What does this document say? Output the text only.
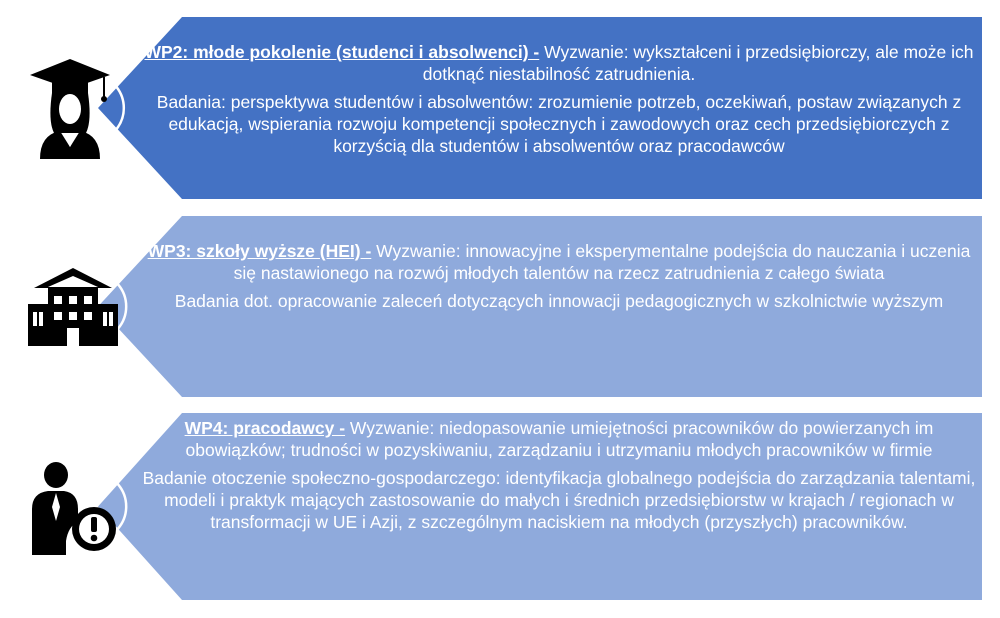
WP2: młode pokolenie (studenci i absolwenci) - Wyzwanie: wykształceni i przedsiębiorczy, ale może ich dotknąć niestabilność zatrudnienia.

Badania: perspektywa studentów i absolwentów: zrozumienie potrzeb, oczekiwań, postaw związanych z edukacją, wspierania rozwoju kompetencji społecznych i zawodowych oraz cech przedsiębiorczych z korzyścią dla studentów i absolwentów oraz pracodawców

WP3: szkoły wyższe (HEI) - Wyzwanie: innowacyjne i eksperymentalne podejścia do nauczania i uczenia się nastawionego na rozwój młodych talentów na rzecz zatrudnienia z całego świata

Badania dot. opracowanie zaleceń dotyczących innowacji pedagogicznych w szkolnictwie wyższym

WP4: pracodawcy - Wyzwanie: niedopasowanie umiejętności pracowników do powierzanych im obowiązków; trudności w pozyskiwaniu, zarządzaniu i utrzymaniu młodych pracowników w firmie

Badanie otoczenie społeczno-gospodarczego: identyfikacja globalnego podejścia do zarządzania talentami, modeli i praktyk mających zastosowanie do małych i średnich przedsiębiorstw w krajach / regionach w transformacji w UE i Azji, z szczególnym naciskiem na młodych (przyszłych) pracowników.
